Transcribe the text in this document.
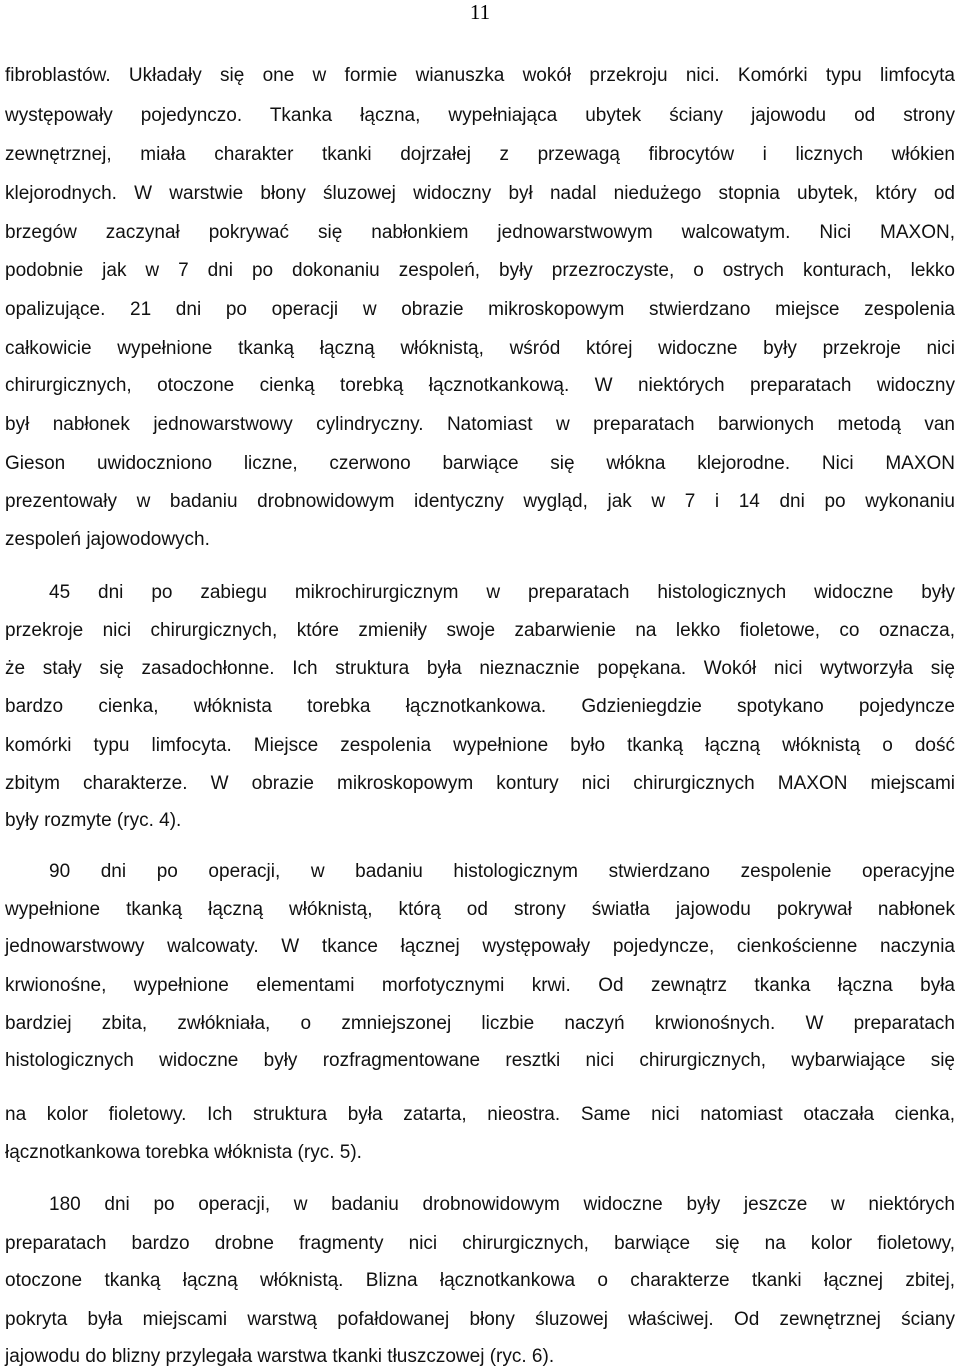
11
fibroblastów. Układały się one w formie wianuszka wokół przekroju nici. Komórki typu limfocyta
występowały pojedynczo. Tkanka łączna, wypełniająca ubytek ściany jajowodu od strony
zewnętrznej, miała charakter tkanki dojrzałej z przewagą fibrocytów i licznych włókien
klejorodnych. W warstwie błony śluzowej widoczny był nadal niedużego stopnia ubytek, który od
brzegów zaczynał pokrywać się nabłonkiem jednowarstwowym walcowatym. Nici MAXON,
podobnie jak w 7 dni po dokonaniu zespoleń, były przezroczyste, o ostrych konturach, lekko
opalizujące. 21 dni po operacji w obrazie mikroskopowym stwierdzano miejsce zespolenia
całkowicie wypełnione tkanką łączną włóknistą, wśród której widoczne były przekroje nici
chirurgicznych, otoczone cienką torebką łącznotkankową. W niektórych preparatach widoczny
był nabłonek jednowarstwowy cylindryczny. Natomiast w preparatach barwionych metodą van
Gieson uwidoczniono liczne, czerwono barwiące się włókna klejorodne. Nici MAXON
prezentowały w badaniu drobnowidowym identyczny wygląd, jak w 7 i 14 dni po wykonaniu
zespoleń jajowodowych.
45 dni po zabiegu mikrochirurgicznym w preparatach histologicznych widoczne były
przekroje nici chirurgicznych, które zmieniły swoje zabarwienie na lekko fioletowe, co oznacza,
że stały się zasadochłonne. Ich struktura była nieznacznie popękana. Wokół nici wytworzyła się
bardzo cienka, włóknista torebka łącznotkankowa. Gdzieniegdzie spotykano pojedyncze
komórki typu limfocyta. Miejsce zespolenia wypełnione było tkanką łączną włóknistą o dość
zbitym charakterze. W obrazie mikroskopowym kontury nici chirurgicznych MAXON miejscami
były rozmyte (ryc. 4).
90 dni po operacji, w badaniu histologicznym stwierdzano zespolenie operacyjne
wypełnione tkanką łączną włóknistą, którą od strony światła jajowodu pokrywał nabłonek
jednowarstwowy walcowaty. W tkance łącznej występowały pojedyncze, cienkościenne naczynia
krwionośne, wypełnione elementami morfotycznymi krwi. Od zewnątrz tkanka łączna była
bardziej zbita, zwłókniała, o zmniejszonej liczbie naczyń krwionośnych. W preparatach
histologicznych widoczne były rozfragmentowane resztki nici chirurgicznych, wybarwiające się
na kolor fioletowy. Ich struktura była zatarta, nieostra. Same nici natomiast otaczała cienka,
łącznotkankowa torebka włóknista (ryc. 5).
180 dni po operacji, w badaniu drobnowidowym widoczne były jeszcze w niektórych
preparatach bardzo drobne fragmenty nici chirurgicznych, barwiące się na kolor fioletowy,
otoczone tkanką łączną włóknistą. Blizna łącznotkankowa o charakterze tkanki łącznej zbitej,
pokryta była miejscami warstwą pofałdowanej błony śluzowej właściwej. Od zewnętrznej ściany
jajowodu do blizny przylegała warstwa tkanki tłuszczowej (ryc. 6).
